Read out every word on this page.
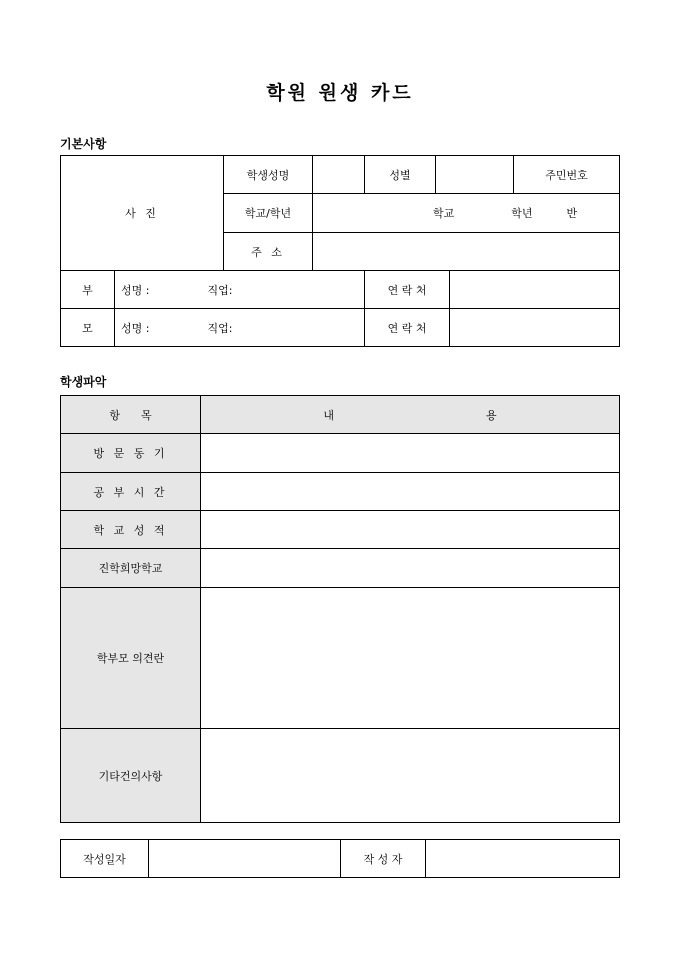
학원 원생 카드
기본사항
사 진		학생성명		성별			주민번호	
		학교/학년	학교 학년 반					
		주 소						
부	성명 : 직업:			연 락 처				
모	성명 : 직업:			연 락 처				
학생파악
항      목	내 용
방 문 동 기	
공 부 시 간	
학 교 성 적	
진학희망학교	
학부모 의견란	
기타건의사항	
작성일자		작 성 자	
